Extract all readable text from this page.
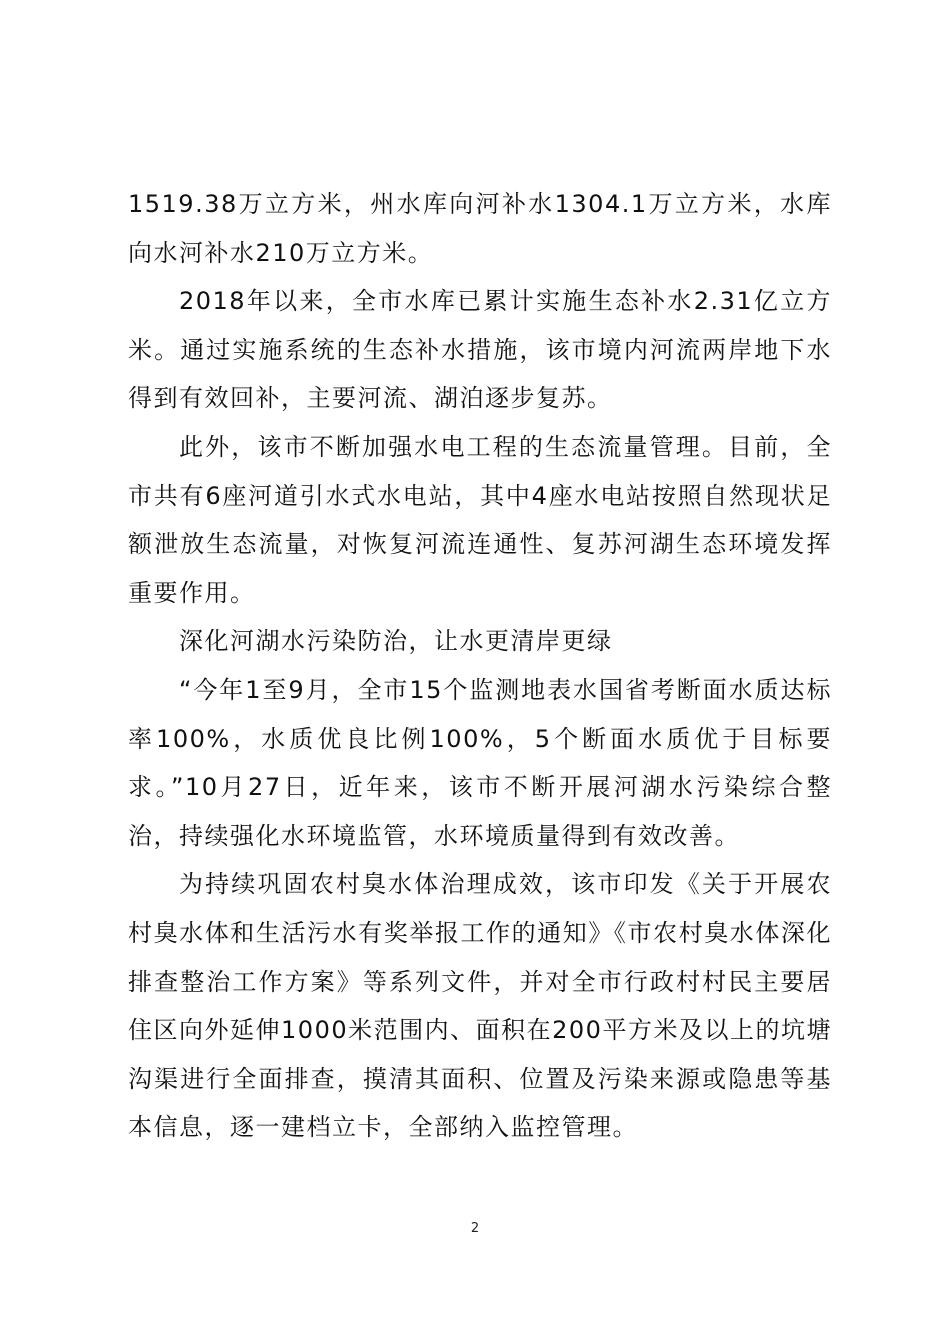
1519.38万立方米，州水库向河补水1304.1万立方米，水库向水河补水210万立方米。

2018年以来，全市水库已累计实施生态补水2.31亿立方米。通过实施系统的生态补水措施，该市境内河流两岸地下水得到有效回补，主要河流、湖泊逐步复苏。

此外，该市不断加强水电工程的生态流量管理。目前，全市共有6座河道引水式水电站，其中4座水电站按照自然现状足额泄放生态流量，对恢复河流连通性、复苏河湖生态环境发挥重要作用。

深化河湖水污染防治，让水更清岸更绿

“今年1至9月，全市15个监测地表水国省考断面水质达标率100%，水质优良比例100%，5个断面水质优于目标要求。”10月27日，近年来，该市不断开展河湖水污染综合整治，持续强化水环境监管，水环境质量得到有效改善。

为持续巩固农村臭水体治理成效，该市印发《关于开展农村臭水体和生活污水有奖举报工作的通知》《市农村臭水体深化排查整治工作方案》等系列文件，并对全市行政村村民主要居住区向外延伸1000米范围内、面积在200平方米及以上的坑塘沟渠进行全面排查，摸清其面积、位置及污染来源或隐患等基本信息，逐一建档立卡，全部纳入监控管理。

2
